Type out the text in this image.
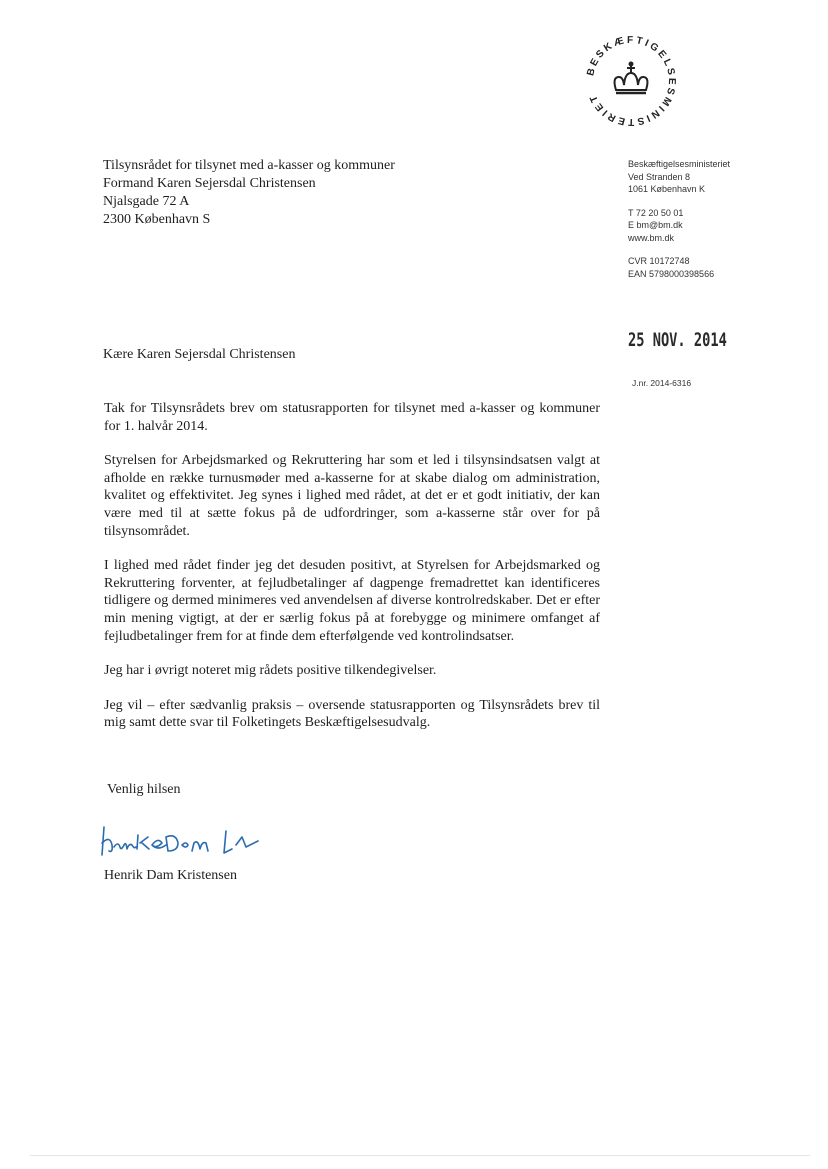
BESKÆFTIGELSESMINISTERIET
Tilsynsrådet for tilsynet med a-kasser og kommuner
Formand Karen Sejersdal Christensen
Njalsgade 72 A
2300 København S
Beskæftigelsesministeriet
Ved Stranden 8
1061 København K
T 72 20 50 01
E bm@bm.dk
www.bm.dk
CVR 10172748
EAN 5798000398566
25 NOV. 2014
J.nr. 2014-6316
Kære Karen Sejersdal Christensen

Tak for Tilsynsrådets brev om statusrapporten for tilsynet med a-kasser og kommuner for 1. halvår 2014.

Styrelsen for Arbejdsmarked og Rekruttering har som et led i tilsynsindsatsen valgt at afholde en række turnusmøder med a-kasserne for at skabe dialog om administration, kvalitet og effektivitet. Jeg synes i lighed med rådet, at det er et godt initiativ, der kan være med til at sætte fokus på de udfordringer, som a-kasserne står over for på tilsynsområdet.

I lighed med rådet finder jeg det desuden positivt, at Styrelsen for Arbejdsmarked og Rekruttering forventer, at fejludbetalinger af dagpenge fremadrettet kan identificeres tidligere og dermed minimeres ved anvendelsen af diverse kontrolredskaber. Det er efter min mening vigtigt, at der er særlig fokus på at forebygge og minimere omfanget af fejludbetalinger frem for at finde dem efterfølgende ved kontrolindsatser.

Jeg har i øvrigt noteret mig rådets positive tilkendegivelser.

Jeg vil – efter sædvanlig praksis – oversende statusrapporten og Tilsynsrådets brev til mig samt dette svar til Folketingets Beskæftigelsesudvalg.

Venlig hilsen
Henrik Dam Kristensen
